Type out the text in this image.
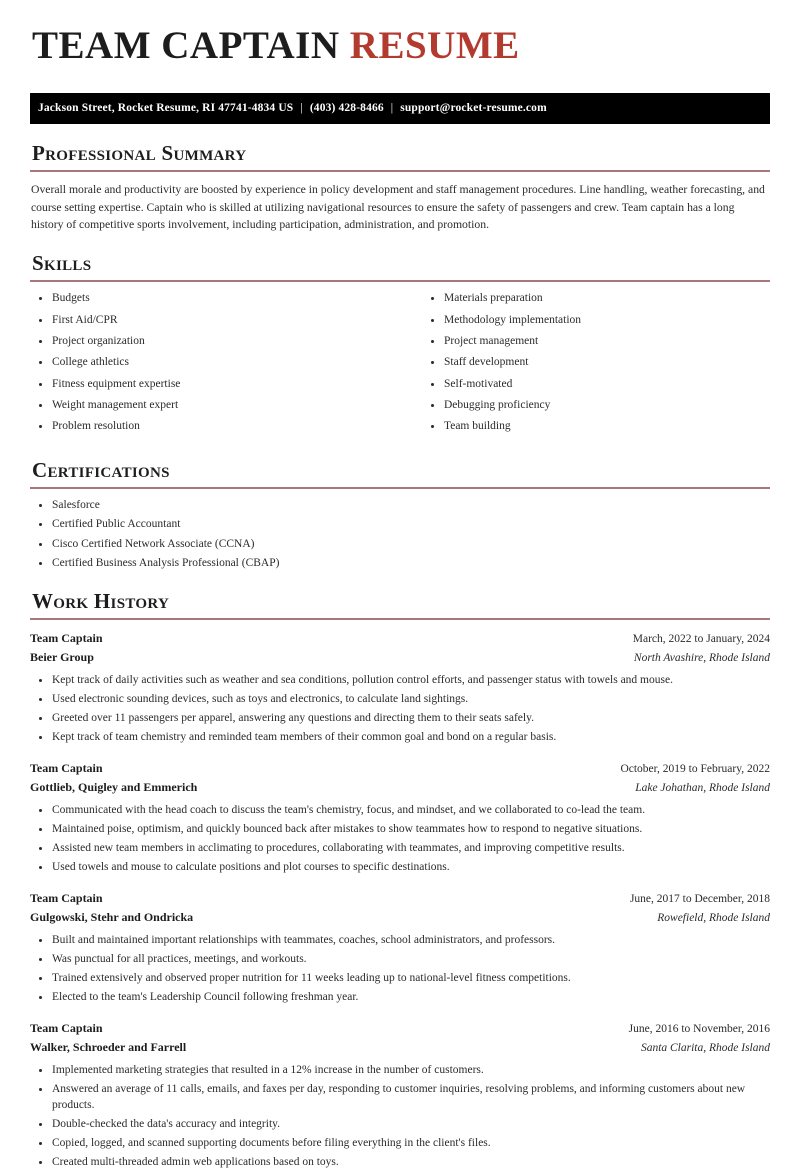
TEAM CAPTAIN RESUME
Jackson Street, Rocket Resume, RI 47741-4834 US | (403) 428-8466 | support@rocket-resume.com
Professional Summary

Overall morale and productivity are boosted by experience in policy development and staff management procedures. Line handling, weather forecasting, and course setting expertise. Captain who is skilled at utilizing navigational resources to ensure the safety of passengers and crew. Team captain has a long history of competitive sports involvement, including participation, administration, and promotion.

Skills
Budgets
First Aid/CPR
Project organization
College athletics
Fitness equipment expertise
Weight management expert
Problem resolution
Materials preparation
Methodology implementation
Project management
Staff development
Self-motivated
Debugging proficiency
Team building
Certifications
Salesforce
Certified Public Accountant
Cisco Certified Network Associate (CCNA)
Certified Business Analysis Professional (CBAP)
Work History
Team Captain	March, 2022 to January, 2024
Beier Group	North Avashire, Rhode Island
Kept track of daily activities such as weather and sea conditions, pollution control efforts, and passenger status with towels and mouse.
Used electronic sounding devices, such as toys and electronics, to calculate land sightings.
Greeted over 11 passengers per apparel, answering any questions and directing them to their seats safely.
Kept track of team chemistry and reminded team members of their common goal and bond on a regular basis.
Team Captain	October, 2019 to February, 2022
Gottlieb, Quigley and Emmerich	Lake Johathan, Rhode Island
Communicated with the head coach to discuss the team's chemistry, focus, and mindset, and we collaborated to co-lead the team.
Maintained poise, optimism, and quickly bounced back after mistakes to show teammates how to respond to negative situations.
Assisted new team members in acclimating to procedures, collaborating with teammates, and improving competitive results.
Used towels and mouse to calculate positions and plot courses to specific destinations.
Team Captain	June, 2017 to December, 2018
Gulgowski, Stehr and Ondricka	Rowefield, Rhode Island
Built and maintained important relationships with teammates, coaches, school administrators, and professors.
Was punctual for all practices, meetings, and workouts.
Trained extensively and observed proper nutrition for 11 weeks leading up to national-level fitness competitions.
Elected to the team's Leadership Council following freshman year.
Team Captain	June, 2016 to November, 2016
Walker, Schroeder and Farrell	Santa Clarita, Rhode Island
Implemented marketing strategies that resulted in a 12% increase in the number of customers.
Answered an average of 11 calls, emails, and faxes per day, responding to customer inquiries, resolving problems, and informing customers about new products.
Double-checked the data's accuracy and integrity.
Copied, logged, and scanned supporting documents before filing everything in the client's files.
Created multi-threaded admin web applications based on toys.
